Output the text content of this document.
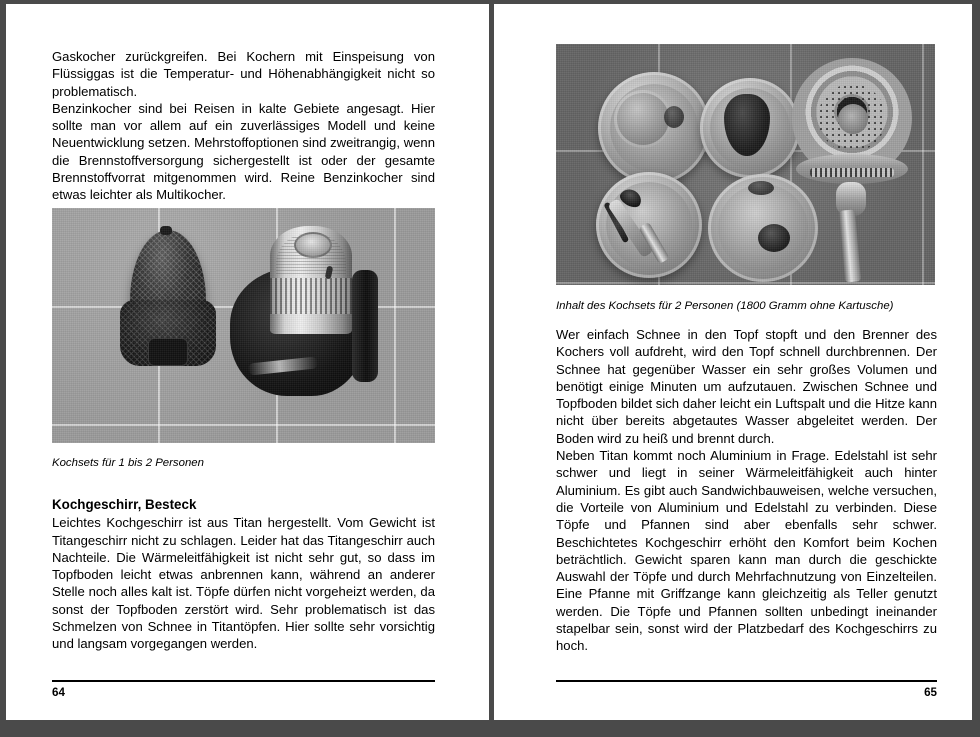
Gaskocher zurückgreifen. Bei Kochern mit Einspeisung von Flüssiggas ist die Temperatur- und Höhenabhängigkeit nicht so problematisch.

Benzinkocher sind bei Reisen in kalte Gebiete angesagt. Hier sollte man vor allem auf ein zuverlässiges Modell und keine Neuentwicklung setzen. Mehrstoffoptionen sind zweitrangig, wenn die Brennstoffversorgung sichergestellt ist oder der gesamte Brennstoffvorrat mitgenommen wird. Reine Benzinkocher sind etwas leichter als Multikocher.

Kochsets für 1 bis 2 Personen
Kochgeschirr, Besteck

Leichtes Kochgeschirr ist aus Titan hergestellt. Vom Gewicht ist Titangeschirr nicht zu schlagen. Leider hat das Titangeschirr auch Nachteile. Die Wärmeleitfähigkeit ist nicht sehr gut, so dass im Topfboden leicht etwas anbrennen kann, während an anderer Stelle noch alles kalt ist. Töpfe dürfen nicht vorgeheizt werden, da sonst der Topfboden zerstört wird. Sehr problematisch ist das Schmelzen von Schnee in Titantöpfen. Hier sollte sehr vorsichtig und langsam vorgegangen werden.

64
Inhalt des Kochsets für 2 Personen (1800 Gramm ohne Kartusche)

Wer einfach Schnee in den Topf stopft und den Brenner des Kochers voll aufdreht, wird den Topf schnell durchbrennen. Der Schnee hat gegenüber Wasser ein sehr großes Volumen und benötigt einige Minuten um aufzutauen. Zwischen Schnee und Topfboden bildet sich daher leicht ein Luftspalt und die Hitze kann nicht über bereits abgetautes Wasser abgeleitet werden. Der Boden wird zu heiß und brennt durch.

Neben Titan kommt noch Aluminium in Frage. Edelstahl ist sehr schwer und liegt in seiner Wärmeleitfähigkeit auch hinter Aluminium. Es gibt auch Sandwichbauweisen, welche versuchen, die Vorteile von Aluminium und Edelstahl zu verbinden. Diese Töpfe und Pfannen sind aber ebenfalls sehr schwer. Beschichtetes Kochgeschirr erhöht den Komfort beim Kochen beträchtlich. Gewicht sparen kann man durch die geschickte Auswahl der Töpfe und durch Mehrfachnutzung von Einzelteilen. Eine Pfanne mit Griffzange kann gleichzeitig als Teller genutzt werden. Die Töpfe und Pfannen sollten unbedingt ineinander stapelbar sein, sonst wird der Platzbedarf des Kochgeschirrs zu hoch.

65
